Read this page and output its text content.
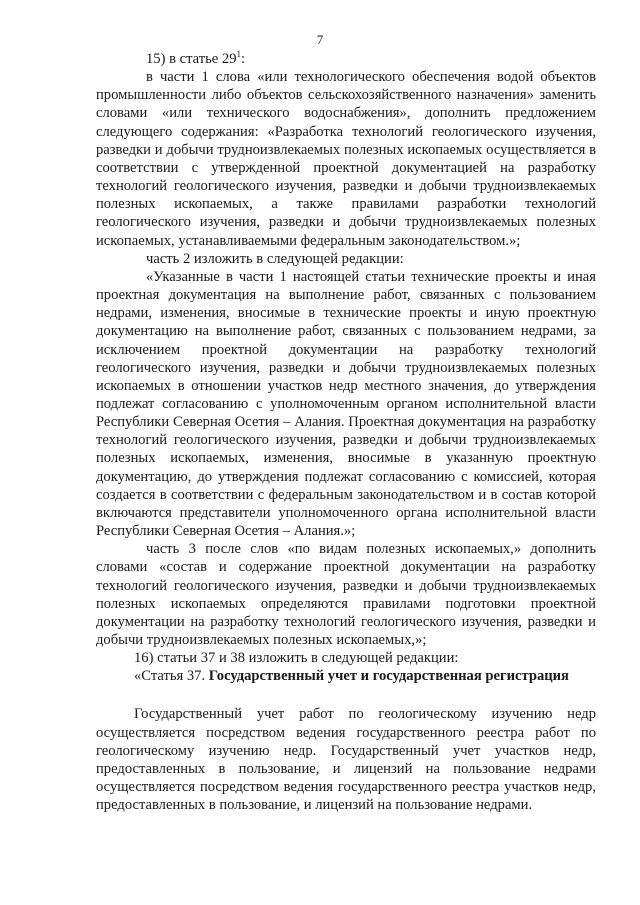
7

15) в статье $29^1$:

в части 1 слова «или технологического обеспечения водой объектов промышленности либо объектов сельскохозяйственного назначения» заменить словами «или технического водоснабжения», дополнить предложением следующего содержания: «Разработка технологий геологического изучения, разведки и добычи трудноизвлекаемых полезных ископаемых осуществляется в соответствии с утвержденной проектной документацией на разработку технологий геологического изучения, разведки и добычи трудноизвлекаемых полезных ископаемых, а также правилами разработки технологий геологического изучения, разведки и добычи трудноизвлекаемых полезных ископаемых, устанавливаемыми федеральным законодательством.»;

часть 2 изложить в следующей редакции:

«Указанные в части 1 настоящей статьи технические проекты и иная проектная документация на выполнение работ, связанных с пользованием недрами, изменения, вносимые в технические проекты и иную проектную документацию на выполнение работ, связанных с пользованием недрами, за исключением проектной документации на разработку технологий геологического изучения, разведки и добычи трудноизвлекаемых полезных ископаемых в отношении участков недр местного значения, до утверждения подлежат согласованию с уполномоченным органом исполнительной власти Республики Северная Осетия – Алания. Проектная документация на разработку технологий геологического изучения, разведки и добычи трудноизвлекаемых полезных ископаемых, изменения, вносимые в указанную проектную документацию, до утверждения подлежат согласованию с комиссией, которая создается в соответствии с федеральным законодательством и в состав которой включаются представители уполномоченного органа исполнительной власти Республики Северная Осетия – Алания.»;

часть 3 после слов «по видам полезных ископаемых,» дополнить словами «состав и содержание проектной документации на разработку технологий геологического изучения, разведки и добычи трудноизвлекаемых полезных ископаемых определяются правилами подготовки проектной документации на разработку технологий геологического изучения, разведки и добычи трудноизвлекаемых полезных ископаемых,»;

16) статьи 37 и 38 изложить в следующей редакции:

«Статья 37. Государственный учет и государственная регистрация

Государственный учет работ по геологическому изучению недр осуществляется посредством ведения государственного реестра работ по геологическому изучению недр. Государственный учет участков недр, предоставленных в пользование, и лицензий на пользование недрами осуществляется посредством ведения государственного реестра участков недр, предоставленных в пользование, и лицензий на пользование недрами.
